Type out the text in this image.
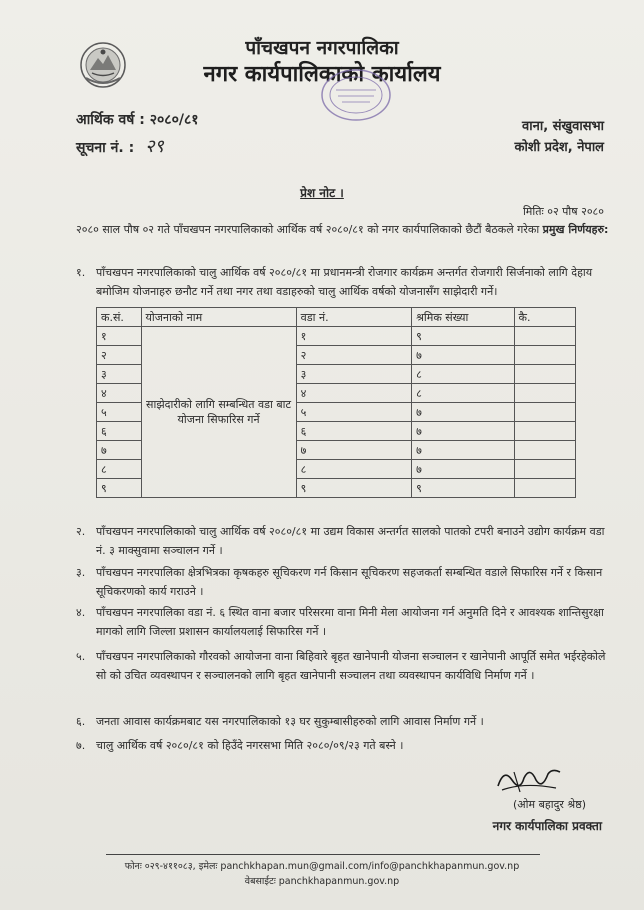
पाँचखपन नगरपालिका
नगर कार्यपालिकाको कार्यालय
आर्थिक वर्ष : २०८०/८१
सूचना नं. : २९
वाना, संखुवासभा
कोशी प्रदेश, नेपाल
प्रेश नोट ।
मितिः ०२ पौष २०८०
२०८० साल पौष ०२ गते पाँचखपन नगरपालिकाको आर्थिक वर्ष २०८०/८१ को नगर कार्यपालिकाको छैटौं बैठकले गरेका प्रमुख निर्णयहरु:
१. पाँचखपन नगरपालिकाको चालु आर्थिक वर्ष २०८०/८१ मा प्रधानमन्त्री रोजगार कार्यक्रम अन्तर्गत रोजगारी सिर्जनाको लागि देहाय बमोजिम योजनाहरु छनौट गर्ने तथा नगर तथा वडाहरुको चालु आर्थिक वर्षको योजनासँग साझेदारी गर्ने।
क.सं.	योजनाको नाम	वडा नं.	श्रमिक संख्या	कै.
१	साझेदारीको लागि सम्बन्धित वडा बाट योजना सिफारिस गर्ने	१	९	
२		२	७	
३		३	८	
४		४	८	
५		५	७	
६		६	७	
७		७	७	
८		८	७	
९		९	९	
२. पाँचखपन नगरपालिकाको चालु आर्थिक वर्ष २०८०/८१ मा उद्यम विकास अन्तर्गत सालको पातको टपरी बनाउने उद्योग कार्यक्रम वडा नं. ३ माक्सुवामा सञ्चालन गर्ने ।
३. पाँचखपन नगरपालिका क्षेत्रभित्रका कृषकहरु सूचिकरण गर्न किसान सूचिकरण सहजकर्ता सम्बन्धित वडाले सिफारिस गर्ने र किसान सूचिकरणको कार्य गराउने ।
४. पाँचखपन नगरपालिका वडा नं. ६ स्थित वाना बजार परिसरमा वाना मिनी मेला आयोजना गर्न अनुमति दिने र आवश्यक शान्तिसुरक्षा मागको लागि जिल्ला प्रशासन कार्यालयलाई सिफारिस गर्ने ।
५. पाँचखपन नगरपालिकाको गौरवको आयोजना वाना बिहिवारे बृहत खानेपानी योजना सञ्चालन र खानेपानी आपूर्ति समेत भईरहेकोले सो को उचित व्यवस्थापन र सञ्चालनको लागि बृहत खानेपानी सञ्चालन तथा व्यवस्थापन कार्यविधि निर्माण गर्ने ।
६. जनता आवास कार्यक्रमबाट यस नगरपालिकाको १३ घर सुकुम्बासीहरुको लागि आवास निर्माण गर्ने ।
७. चालु आर्थिक वर्ष २०८०/८१ को हिउँदे नगरसभा मिति २०८०/०९/२३ गते बस्ने ।
(ओम बहादुर श्रेष्ठ)
नगर कार्यपालिका प्रवक्ता
फोनः ०२९-४११०८३, इमेलः panchkhapan.mun@gmail.com/info@panchkhapanmun.gov.np
वेबसाईटः panchkhapanmun.gov.np
